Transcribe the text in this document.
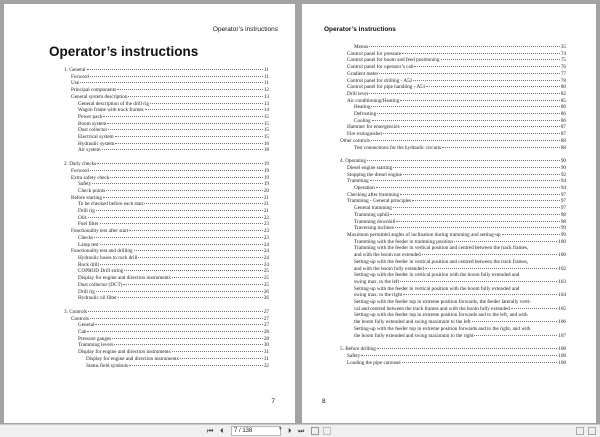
Operator’s instructions
Operator’s instructions
1. General	11
Forword	11
Use	11
Principal components	12
General system description	13
General description of the drill rig	13
Wagon frame with track frames	14
Power pack	15
Boom system	15
Dust collector	15
Electrical system	15
Hydraulic system	16
Air system	18
2. Daily checks	19
Forword	19
Extra safety check	19
Safety	19
Check points	20
Before starting	21
To be checked before each start	21
Drill rig	21
Oils	22
Fuel filter	23
Functionality test after start	23
Checks	23
Lamp test	24
Functionality test and drilling	24
Hydraulic hoses to rock drill	24
Rock drill	24
COPROD Drill string	25
Display for engine and direction instruments	25
Dust collector (DCT)	25
Drill rig	26
Hydraulic oil filter	26
3. Controls	27
Controls	27
General	27
Cab	28
Pressure gauges	28
Tramming levers	30
Display for engine and direction instruments	31
Display for engine and direction instruments	31
Status field symbols	32
7
Operator’s instructions
Menus	35
Control panel for pressure	74
Control panel for boom and feed positioning	75
Control panel for operator’s cab	76
Gradient meter	77
Control panel for drilling - A52	78
Control panel for pipe handling - A51	80
Drill lever	82
Air conditioning/Heating	85
Heating	86
Defrosting	86
Cooling	86
Hammer for emergencies	87
Fire extinguisher	87
Other controls	88
Test connections for the hydraulic circuits	88
4. Operating	90
Diesel engine starting	90
Stopping the diesel engine	92
Tramming	94
Operation	94
Checking after tramming	97
Tramming - General principles	97
General tramming	97
Tramming uphill	98
Tramming downhill	98
Traversing inclines	99
Maximum permitted angles of inclination during tramming and setting-up	99
Tramming with the feeder in tramming position	100
Tramming with the feeder in vertical position and centred between the track frames,
and with the boom not extended	100
Setting-up with the feeder in vertical position and centred between the track frames,
and with the boom fully extended	102
Setting-up with the feeder in vertical position with the boom fully extended and
swing max. to the left	103
Setting-up with the feeder in vertical position with the boom fully extended and
swing max. to the right	104
Setting-up with the feeder top in extreme position forwards, the feeder laterally verti-
cal and centred between the track frames and with the boom fully extended	105
Setting-up with the feeder top in extreme position forwards and to the left, and with
the boom fully extended and swing maximum to the left	106
Setting-up with the feeder top in extreme position forwards and to the right, and with
the boom fully extended and swing maximum to the right	107
5. Before drilling	108
Safety	108
Loading the pipe carousel	108
8
⏮ ⏴	7 / 138	▾ ⏵ ⏭
